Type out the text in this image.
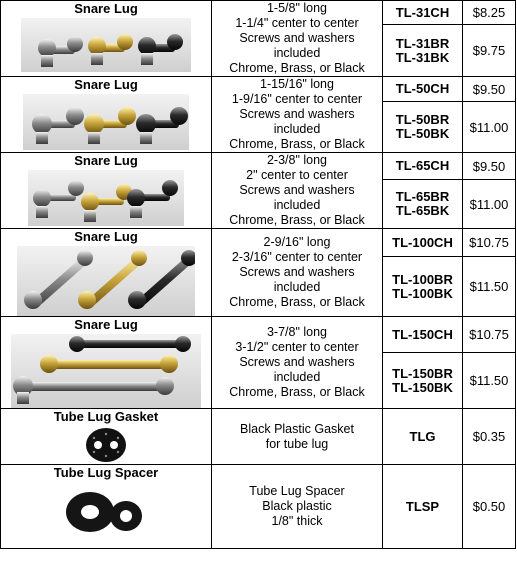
Snare Lug	1-5/8" long
1-1/4" center to center
Screws and washers
included
Chrome, Brass, or Black	TL-31CH	$8.25

		TL-31BR
TL-31BK	$9.75

Snare Lug	1-15/16" long
1-9/16" center to center
Screws and washers
included
Chrome, Brass, or Black	TL-50CH	$9.50

		TL-50BR
TL-50BK	$11.00

Snare Lug	2-3/8" long
2" center to center
Screws and washers
included
Chrome, Brass, or Black	TL-65CH	$9.50

		TL-65BR
TL-65BK	$11.00

Snare Lug	2-9/16" long
2-3/16" center to center
Screws and washers
included
Chrome, Brass, or Black	TL-100CH	$10.75

		TL-100BR
TL-100BK	$11.50

Snare Lug	3-7/8" long
3-1/2" center to center
Screws and washers
included
Chrome, Brass, or Black	TL-150CH	$10.75

		TL-150BR
TL-150BK	$11.50

Tube Lug Gasket	Black Plastic Gasket
for tube lug	TLG	$0.35

Tube Lug Spacer	Tube Lug Spacer
Black plastic
1/8" thick	TLSP	$0.50
